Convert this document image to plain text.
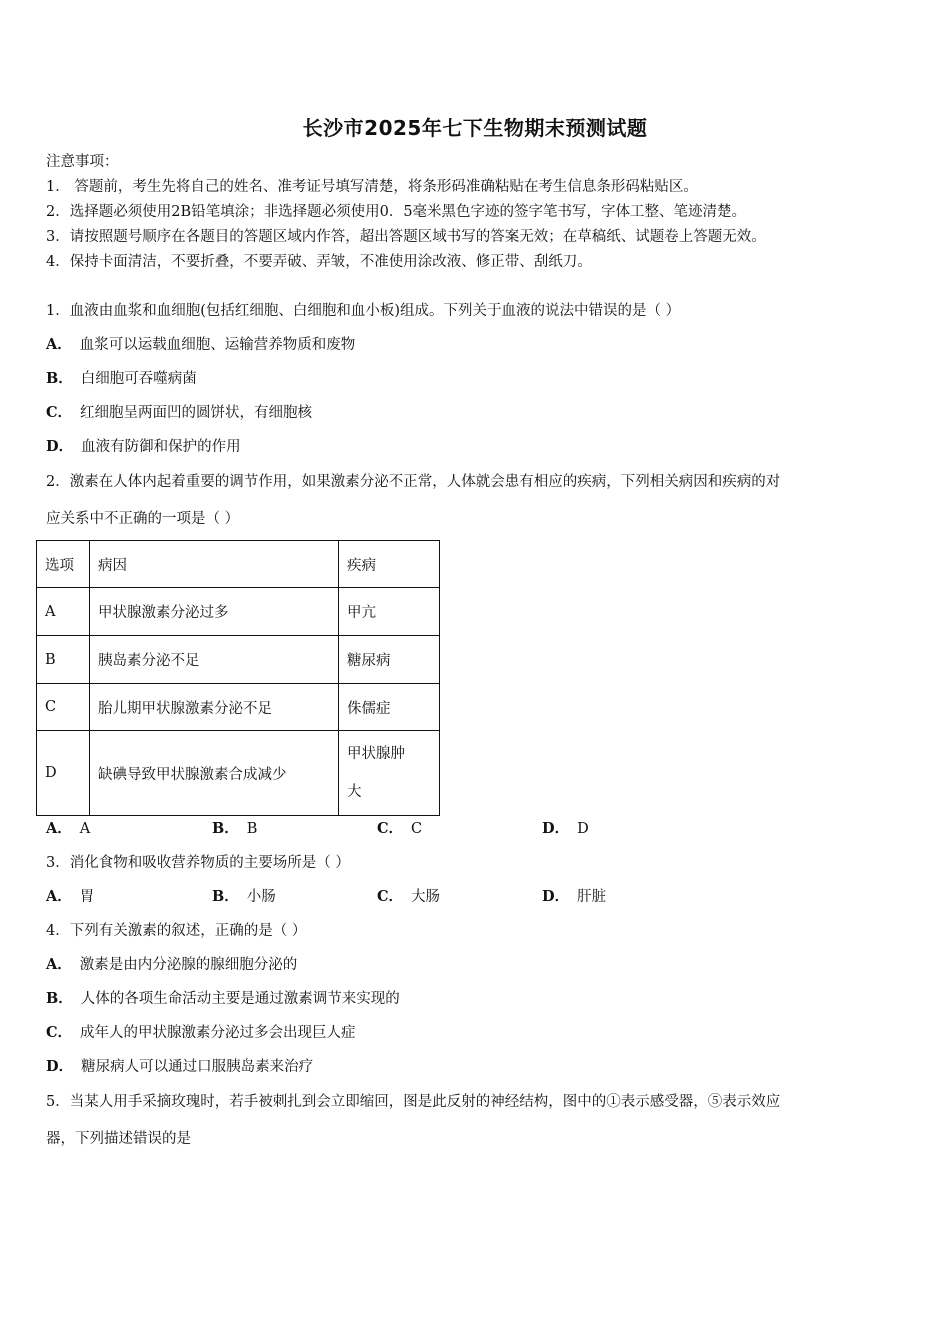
长沙市2025年七下生物期末预测试题
注意事项：
1． 答题前，考生先将自己的姓名、准考证号填写清楚，将条形码准确粘贴在考生信息条形码粘贴区。
2．选择题必须使用2B铅笔填涂；非选择题必须使用0．5毫米黑色字迹的签字笔书写，字体工整、笔迹清楚。
3．请按照题号顺序在各题目的答题区域内作答，超出答题区域书写的答案无效；在草稿纸、试题卷上答题无效。
4．保持卡面清洁，不要折叠，不要弄破、弄皱，不准使用涂改液、修正带、刮纸刀。
1．血液由血浆和血细胞(包括红细胞、白细胞和血小板)组成。下列关于血液的说法中错误的是（ ）
A． 血浆可以运载血细胞、运输营养物质和废物
B． 白细胞可吞噬病菌
C． 红细胞呈两面凹的圆饼状，有细胞核
D． 血液有防御和保护的作用
2．激素在人体内起着重要的调节作用，如果激素分泌不正常，人体就会患有相应的疾病，下列相关病因和疾病的对
应关系中不正确的一项是（ ）
选项	病因	疾病
A	甲状腺激素分泌过多	甲亢
B	胰岛素分泌不足	糖尿病
C	胎儿期甲状腺激素分泌不足	侏儒症
D	缺碘导致甲状腺激素合成减少	甲状腺肿
大
A． A	B． B	C． C	D． D
3．消化食物和吸收营养物质的主要场所是（ ）
A． 胃	B． 小肠	C． 大肠	D． 肝脏
4．下列有关激素的叙述，正确的是（ ）
A． 激素是由内分泌腺的腺细胞分泌的
B． 人体的各项生命活动主要是通过激素调节来实现的
C． 成年人的甲状腺激素分泌过多会出现巨人症
D． 糖尿病人可以通过口服胰岛素来治疗
5．当某人用手采摘玫瑰时，若手被刺扎到会立即缩回，图是此反射的神经结构，图中的①表示感受器，⑤表示效应
器，下列描述错误的是
